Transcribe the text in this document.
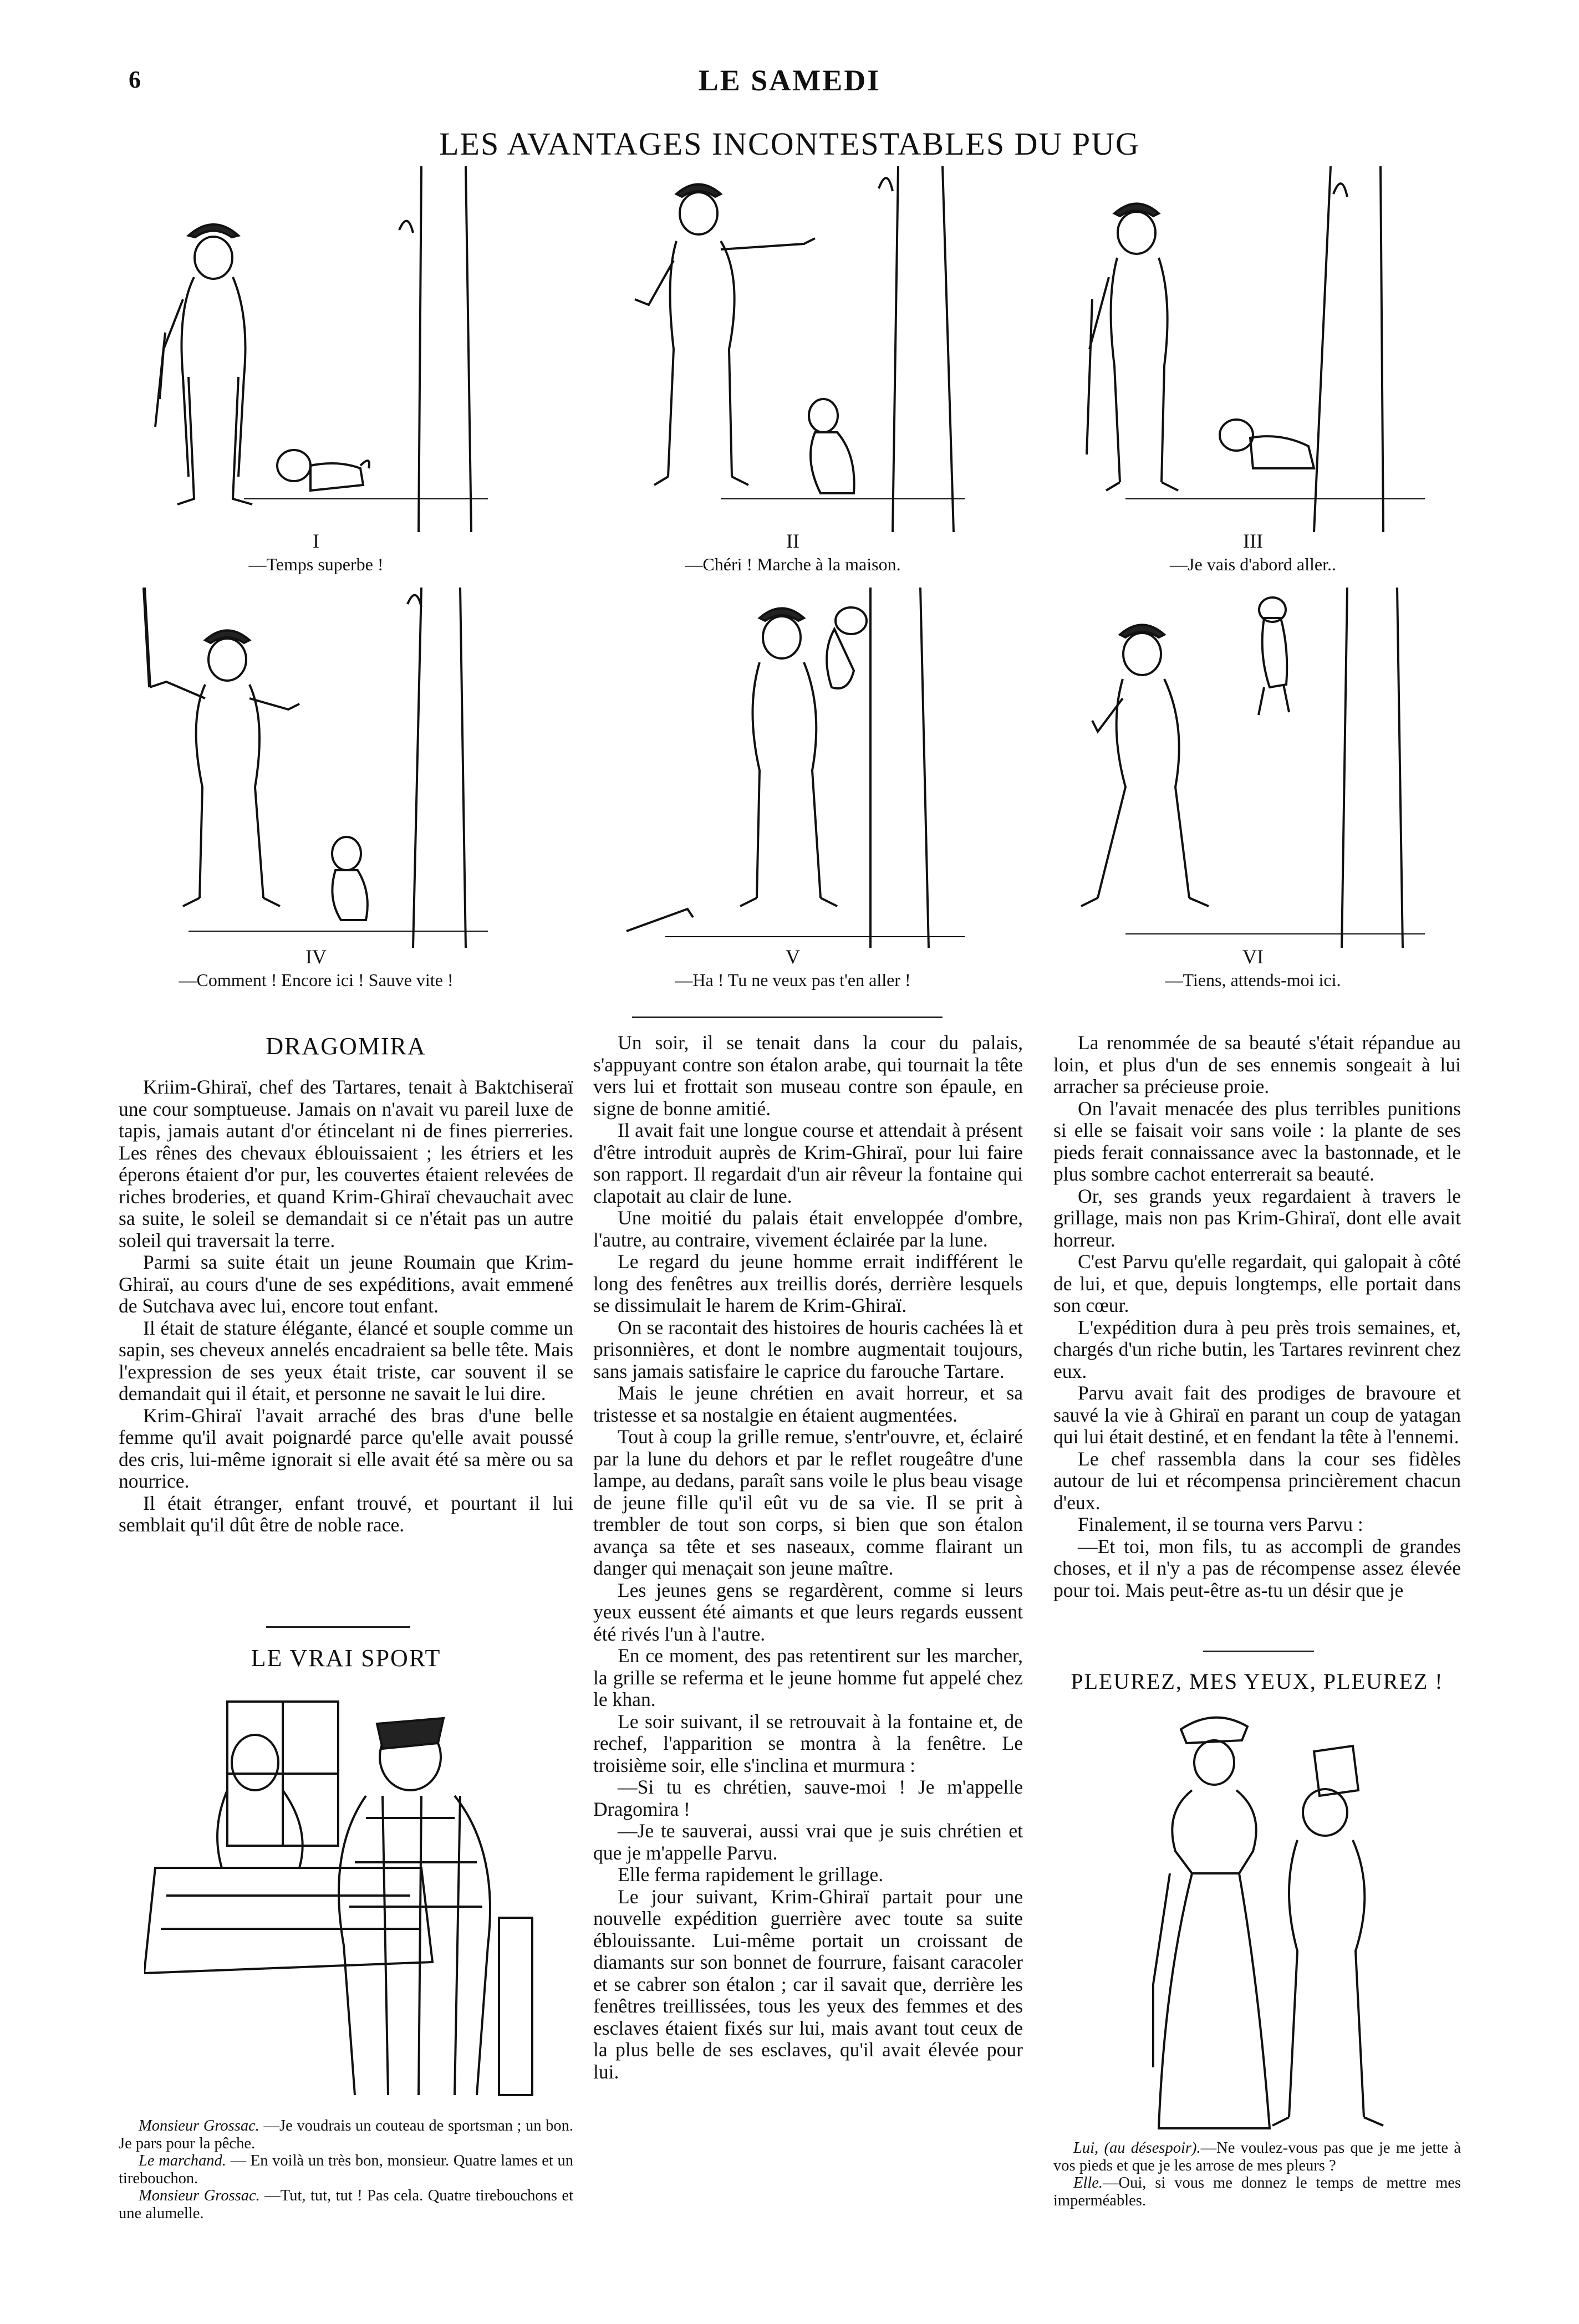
6	LE SAMEDI
LES AVANTAGES INCONTESTABLES DU PUG
I
—Temps superbe !
II
—Chéri ! Marche à la maison.
III
—Je vais d'abord aller..
IV
—Comment ! Encore ici ! Sauve vite !
V
—Ha ! Tu ne veux pas t'en aller !
VI
—Tiens, attends-moi ici.
DRAGOMIRA

Kriim-Ghiraï, chef des Tartares, tenait à Baktchiseraï une cour somptueuse. Jamais on n'avait vu pareil luxe de tapis, jamais autant d'or étincelant ni de fines pierreries. Les rênes des chevaux éblouissaient ; les étriers et les éperons étaient d'or pur, les couvertes étaient relevées de riches broderies, et quand Krim-Ghiraï chevauchait avec sa suite, le soleil se demandait si ce n'était pas un autre soleil qui traversait la terre.

Parmi sa suite était un jeune Roumain que Krim-Ghiraï, au cours d'une de ses expéditions, avait emmené de Sutchava avec lui, encore tout enfant.

Il était de stature élégante, élancé et souple comme un sapin, ses cheveux annelés encadraient sa belle tête. Mais l'expression de ses yeux était triste, car souvent il se demandait qui il était, et personne ne savait le lui dire.

Krim-Ghiraï l'avait arraché des bras d'une belle femme qu'il avait poignardé parce qu'elle avait poussé des cris, lui-même ignorait si elle avait été sa mère ou sa nourrice.

Il était étranger, enfant trouvé, et pourtant il lui semblait qu'il dût être de noble race.

LE VRAI SPORT

Monsieur Grossac. —Je voudrais un couteau de sportsman ; un bon. Je pars pour la pêche.

Le marchand. — En voilà un très bon, monsieur. Quatre lames et un tirebouchon.

Monsieur Grossac. —Tut, tut, tut ! Pas cela. Quatre tirebouchons et une alumelle.

Un soir, il se tenait dans la cour du palais, s'appuyant contre son étalon arabe, qui tournait la tête vers lui et frottait son museau contre son épaule, en signe de bonne amitié.

Il avait fait une longue course et attendait à présent d'être introduit auprès de Krim-Ghiraï, pour lui faire son rapport. Il regardait d'un air rêveur la fontaine qui clapotait au clair de lune.

Une moitié du palais était enveloppée d'ombre, l'autre, au contraire, vivement éclairée par la lune.

Le regard du jeune homme errait indifférent le long des fenêtres aux treillis dorés, derrière lesquels se dissimulait le harem de Krim-Ghiraï.

On se racontait des histoires de houris cachées là et prisonnières, et dont le nombre augmentait toujours, sans jamais satisfaire le caprice du farouche Tartare.

Mais le jeune chrétien en avait horreur, et sa tristesse et sa nostalgie en étaient augmentées.

Tout à coup la grille remue, s'entr'ouvre, et, éclairé par la lune du dehors et par le reflet rougeâtre d'une lampe, au dedans, paraît sans voile le plus beau visage de jeune fille qu'il eût vu de sa vie. Il se prit à trembler de tout son corps, si bien que son étalon avança sa tête et ses naseaux, comme flairant un danger qui menaçait son jeune maître.

Les jeunes gens se regardèrent, comme si leurs yeux eussent été aimants et que leurs regards eussent été rivés l'un à l'autre.

En ce moment, des pas retentirent sur les marcher, la grille se referma et le jeune homme fut appelé chez le khan.

Le soir suivant, il se retrouvait à la fontaine et, de rechef, l'apparition se montra à la fenêtre. Le troisième soir, elle s'inclina et murmura :

—Si tu es chrétien, sauve-moi ! Je m'appelle Dragomira !

—Je te sauverai, aussi vrai que je suis chrétien et que je m'appelle Parvu.

Elle ferma rapidement le grillage.

Le jour suivant, Krim-Ghiraï partait pour une nouvelle expédition guerrière avec toute sa suite éblouissante. Lui-même portait un croissant de diamants sur son bonnet de fourrure, faisant caracoler et se cabrer son étalon ; car il savait que, derrière les fenêtres treillissées, tous les yeux des femmes et des esclaves étaient fixés sur lui, mais avant tout ceux de la plus belle de ses esclaves, qu'il avait élevée pour lui.

La renommée de sa beauté s'était répandue au loin, et plus d'un de ses ennemis songeait à lui arracher sa précieuse proie.

On l'avait menacée des plus terribles punitions si elle se faisait voir sans voile : la plante de ses pieds ferait connaissance avec la bastonnade, et le plus sombre cachot enterrerait sa beauté.

Or, ses grands yeux regardaient à travers le grillage, mais non pas Krim-Ghiraï, dont elle avait horreur.

C'est Parvu qu'elle regardait, qui galopait à côté de lui, et que, depuis longtemps, elle portait dans son cœur.

L'expédition dura à peu près trois semaines, et, chargés d'un riche butin, les Tartares revinrent chez eux.

Parvu avait fait des prodiges de bravoure et sauvé la vie à Ghiraï en parant un coup de yatagan qui lui était destiné, et en fendant la tête à l'ennemi.

Le chef rassembla dans la cour ses fidèles autour de lui et récompensa princièrement chacun d'eux.

Finalement, il se tourna vers Parvu :

—Et toi, mon fils, tu as accompli de grandes choses, et il n'y a pas de récompense assez élevée pour toi. Mais peut-être as-tu un désir que je

PLEUREZ, MES YEUX, PLEUREZ !

Lui, (au désespoir).—Ne voulez-vous pas que je me jette à vos pieds et que je les arrose de mes pleurs ?

Elle.—Oui, si vous me donnez le temps de mettre mes imperméables.
